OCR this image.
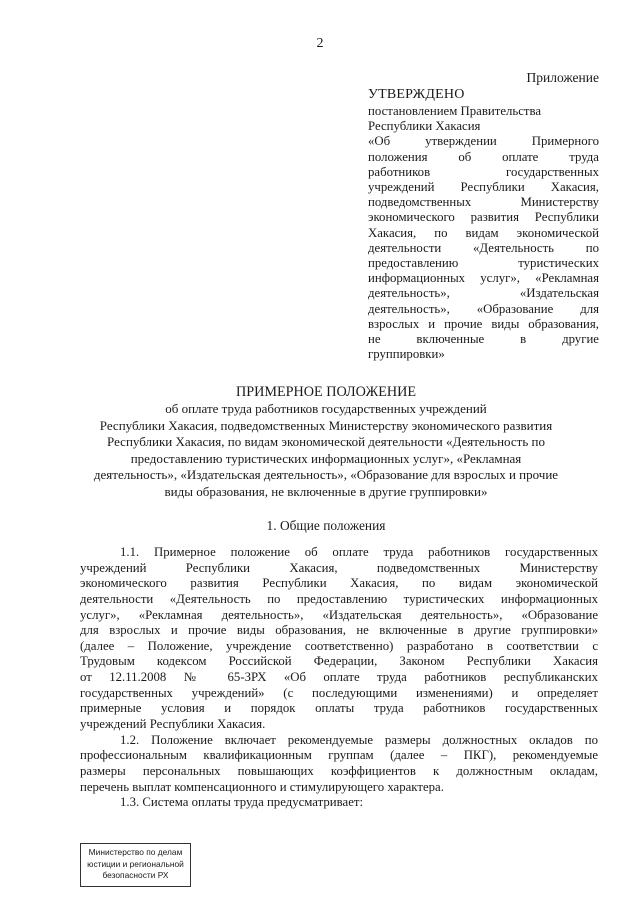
2
Приложение
УТВЕРЖДЕНО
постановлением Правительства
Республики Хакасия
«Об утверждении Примерного
положения об оплате труда
работников государственных
учреждений Республики Хакасия,
подведомственных Министерству
экономического развития Республики
Хакасия, по видам экономической
деятельности «Деятельность по
предоставлению туристических
информационных услуг», «Рекламная
деятельность», «Издательская
деятельность», «Образование для
взрослых и прочие виды образования,
не включенные в другие
группировки»
ПРИМЕРНОЕ ПОЛОЖЕНИЕ
об оплате труда работников государственных учреждений
Республики Хакасия, подведомственных Министерству экономического развития
Республики Хакасия, по видам экономической деятельности «Деятельность по
предоставлению туристических информационных услуг», «Рекламная
деятельность», «Издательская деятельность», «Образование для взрослых и прочие
виды образования, не включенные в другие группировки»
1. Общие положения
1.1. Примерное положение об оплате труда работников государственных
учреждений Республики Хакасия, подведомственных Министерству
экономического развития Республики Хакасия, по видам экономической
деятельности «Деятельность по предоставлению туристических информационных
услуг», «Рекламная деятельность», «Издательская деятельность», «Образование
для взрослых и прочие виды образования, не включенные в другие группировки»
(далее – Положение, учреждение соответственно) разработано в соответствии с
Трудовым кодексом Российской Федерации, Законом Республики Хакасия
от 12.11.2008 № 65-ЗРХ «Об оплате труда работников республиканских
государственных учреждений» (с последующими изменениями) и определяет
примерные условия и порядок оплаты труда работников государственных
учреждений Республики Хакасия.
1.2. Положение включает рекомендуемые размеры должностных окладов по
профессиональным квалификационным группам (далее – ПКГ), рекомендуемые
размеры персональных повышающих коэффициентов к должностным окладам,
перечень выплат компенсационного и стимулирующего характера.
1.3. Система оплаты труда предусматривает:
Министерство по делам
юстиции и региональной
безопасности РХ
